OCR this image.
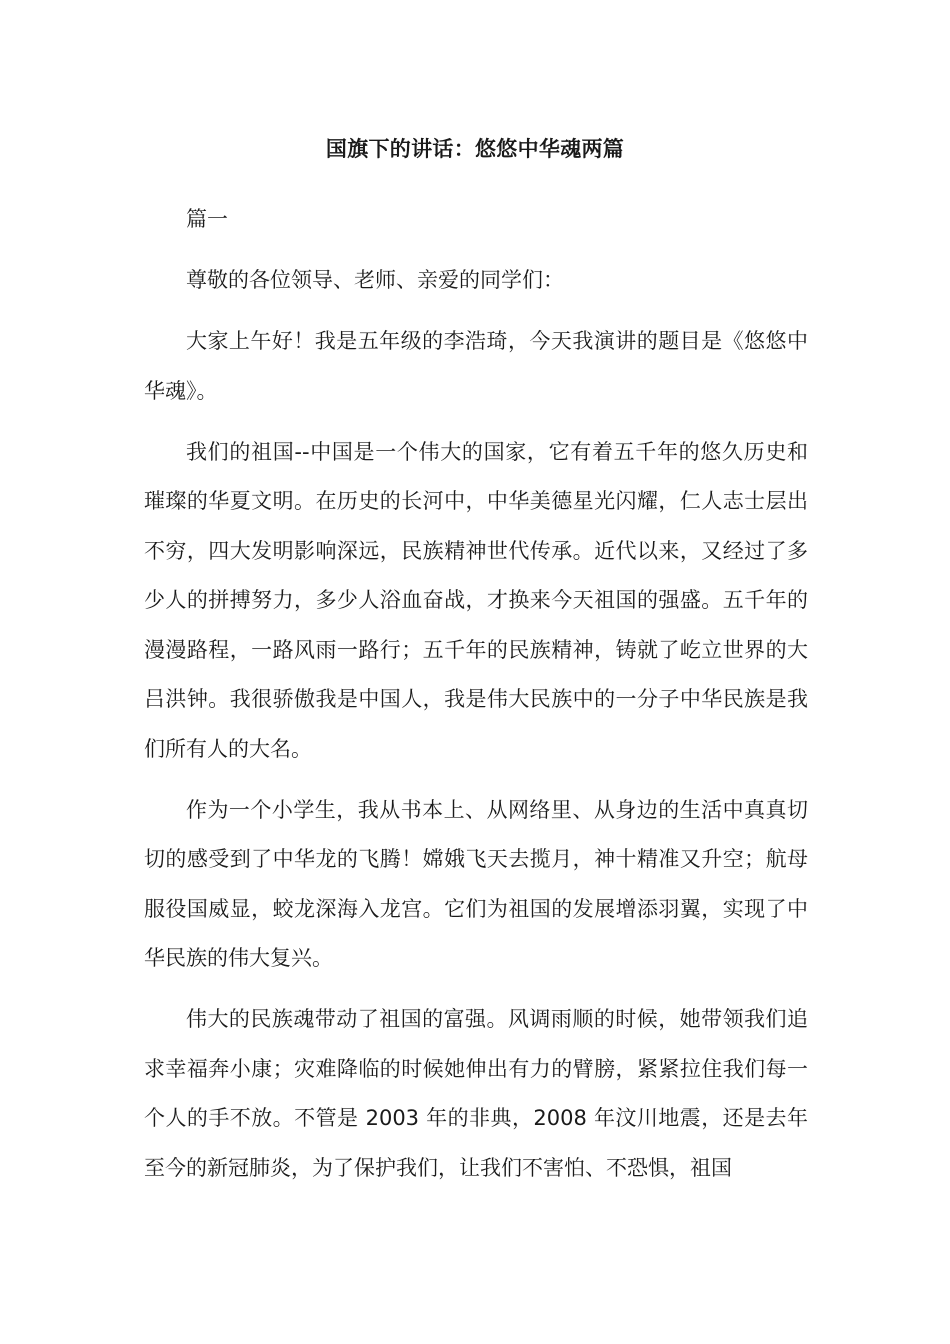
国旗下的讲话：悠悠中华魂两篇

篇一

尊敬的各位领导、老师、亲爱的同学们：

大家上午好！我是五年级的李浩琦，今天我演讲的题目是《悠悠中华魂》。

我们的祖国--中国是一个伟大的国家，它有着五千年的悠久历史和璀璨的华夏文明。在历史的长河中，中华美德星光闪耀，仁人志士层出不穷，四大发明影响深远，民族精神世代传承。近代以来，又经过了多少人的拼搏努力，多少人浴血奋战，才换来今天祖国的强盛。五千年的漫漫路程，一路风雨一路行；五千年的民族精神，铸就了屹立世界的大吕洪钟。我很骄傲我是中国人，我是伟大民族中的一分子中华民族是我们所有人的大名。

作为一个小学生，我从书本上、从网络里、从身边的生活中真真切切的感受到了中华龙的飞腾！嫦娥飞天去揽月，神十精准又升空；航母服役国威显，蛟龙深海入龙宫。它们为祖国的发展增添羽翼，实现了中华民族的伟大复兴。

伟大的民族魂带动了祖国的富强。风调雨顺的时候，她带领我们追求幸福奔小康；灾难降临的时候她伸出有力的臂膀，紧紧拉住我们每一个人的手不放。不管是 2003 年的非典，2008 年汶川地震，还是去年至今的新冠肺炎，为了保护我们，让我们不害怕、不恐惧，祖国
